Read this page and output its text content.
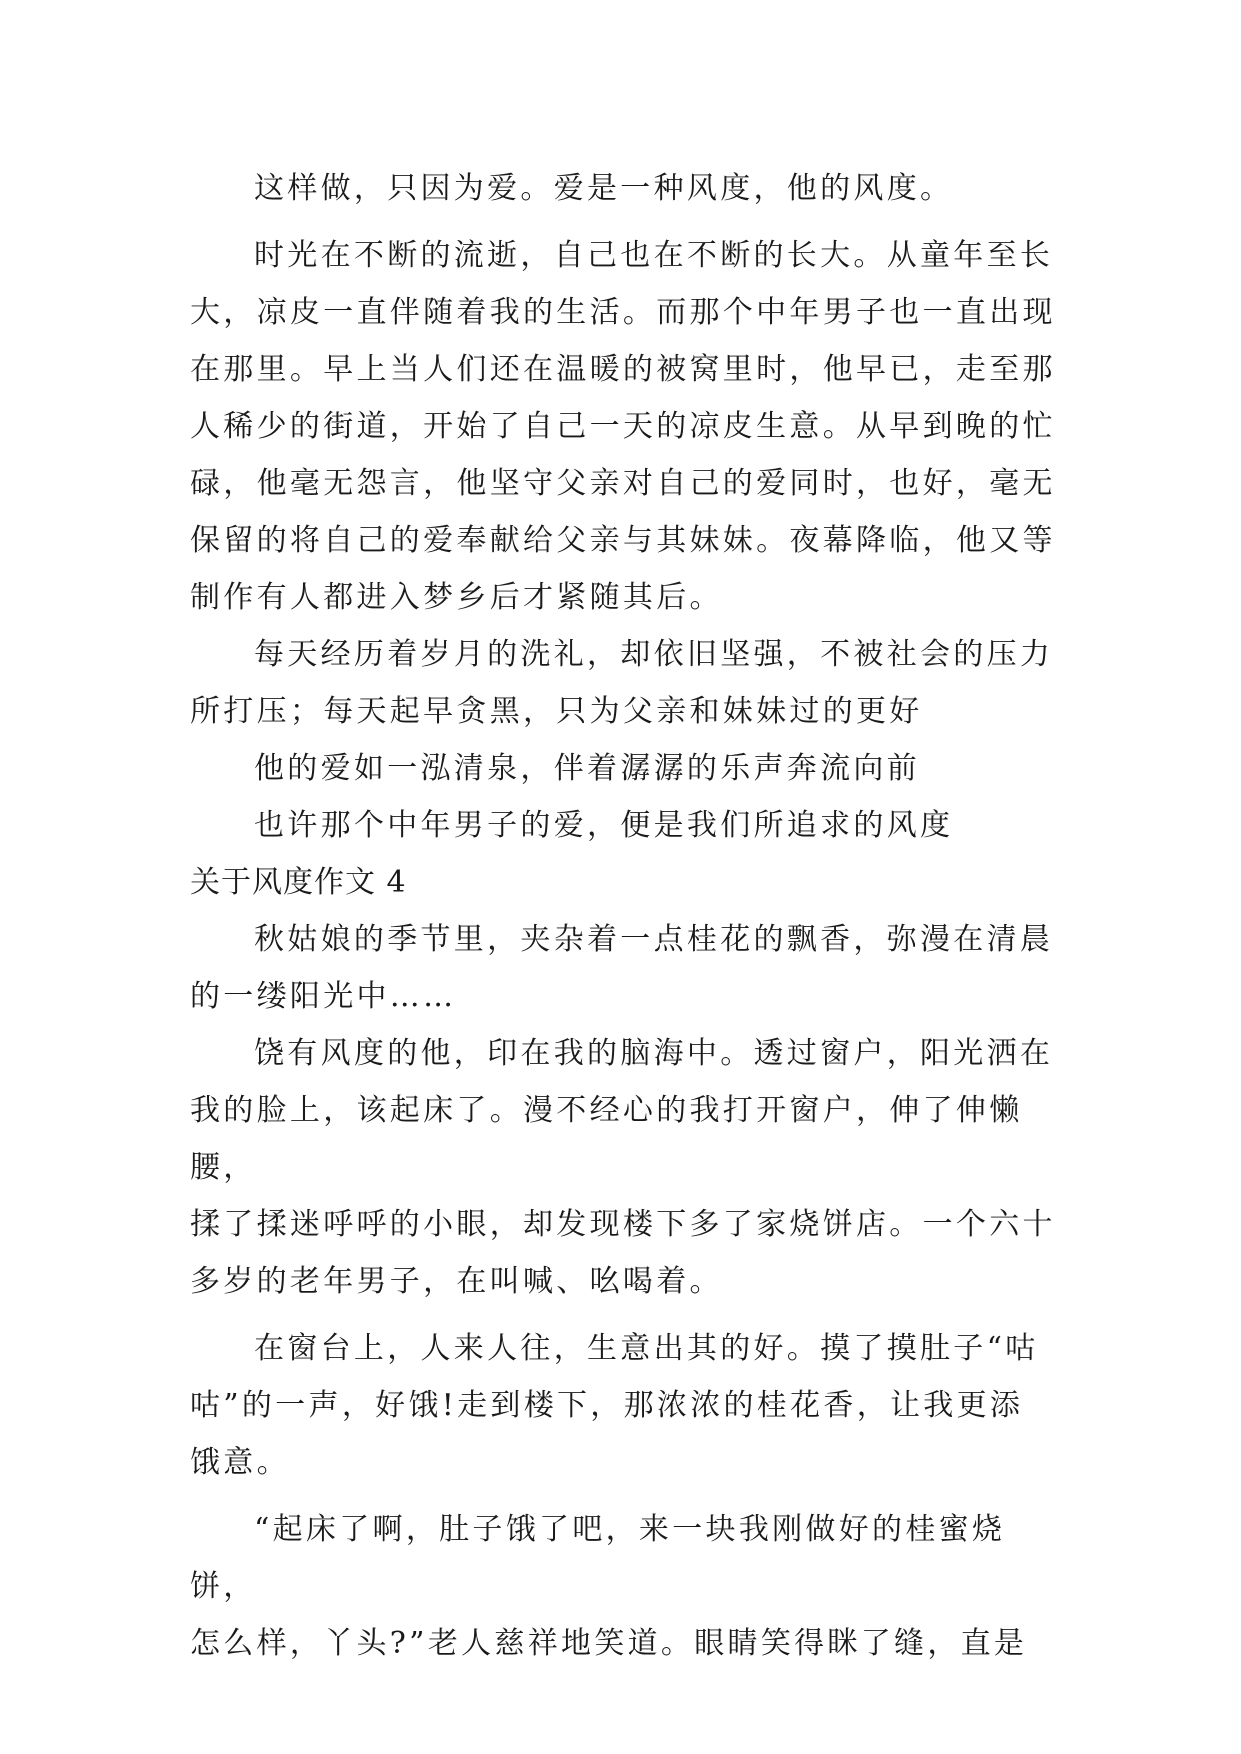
这样做，只因为爱。爱是一种风度，他的风度。

时光在不断的流逝，自己也在不断的长大。从童年至长
大，凉皮一直伴随着我的生活。而那个中年男子也一直出现
在那里。早上当人们还在温暖的被窝里时，他早已，走至那
人稀少的街道，开始了自己一天的凉皮生意。从早到晚的忙
碌，他毫无怨言，他坚守父亲对自己的爱同时，也好，毫无
保留的将自己的爱奉献给父亲与其妹妹。夜幕降临，他又等
制作有人都进入梦乡后才紧随其后。

每天经历着岁月的洗礼，却依旧坚强，不被社会的压力
所打压；每天起早贪黑，只为父亲和妹妹过的更好

他的爱如一泓清泉，伴着潺潺的乐声奔流向前

也许那个中年男子的爱，便是我们所追求的风度

关于风度作文 4

秋姑娘的季节里，夹杂着一点桂花的飘香，弥漫在清晨
的一缕阳光中……

饶有风度的他，印在我的脑海中。透过窗户，阳光洒在
我的脸上，该起床了。漫不经心的我打开窗户，伸了伸懒腰，
揉了揉迷呼呼的小眼，却发现楼下多了家烧饼店。一个六十
多岁的老年男子，在叫喊、吆喝着。

在窗台上，人来人往，生意出其的好。摸了摸肚子“咕
咕”的一声，好饿!走到楼下，那浓浓的桂花香，让我更添
饿意。

“起床了啊，肚子饿了吧，来一块我刚做好的桂蜜烧饼，
怎么样，丫头?”老人慈祥地笑道。眼睛笑得眯了缝，直是
